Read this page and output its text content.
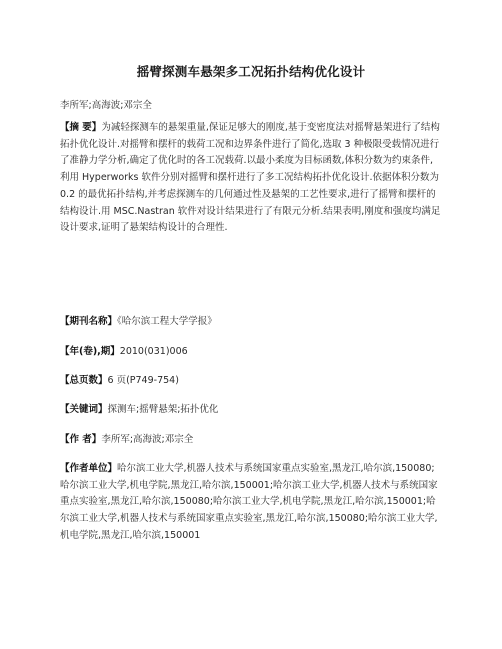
摇臂探测车悬架多工况拓扑结构优化设计
李所军;高海波;邓宗全
【摘 要】为减轻探测车的悬架重量,保证足够大的刚度,基于变密度法对摇臂悬架进行了结构拓扑优化设计.对摇臂和摆杆的载荷工况和边界条件进行了简化,选取 3 种极限受载情况进行了准静力学分析,确定了优化时的各工况载荷.以最小柔度为目标函数,体积分数为约束条件,利用 Hyperworks 软件分别对摇臂和摆杆进行了多工况结构拓扑优化设计.依据体积分数为 0.2 的最优拓扑结构,并考虑探测车的几何通过性及悬架的工艺性要求,进行了摇臂和摆杆的结构设计.用 MSC.Nastran 软件对设计结果进行了有限元分析.结果表明,刚度和强度均满足设计要求,证明了悬架结构设计的合理性.
【期刊名称】《哈尔滨工程大学学报》
【年(卷),期】2010(031)006
【总页数】6 页(P749-754)
【关键词】探测车;摇臂悬架;拓扑优化
【作 者】李所军;高海波;邓宗全
【作者单位】哈尔滨工业大学,机器人技术与系统国家重点实验室,黑龙江,哈尔滨,150080;哈尔滨工业大学,机电学院,黑龙江,哈尔滨,150001;哈尔滨工业大学,机器人技术与系统国家重点实验室,黑龙江,哈尔滨,150080;哈尔滨工业大学,机电学院,黑龙江,哈尔滨,150001;哈尔滨工业大学,机器人技术与系统国家重点实验室,黑龙江,哈尔滨,150080;哈尔滨工业大学,机电学院,黑龙江,哈尔滨,150001
